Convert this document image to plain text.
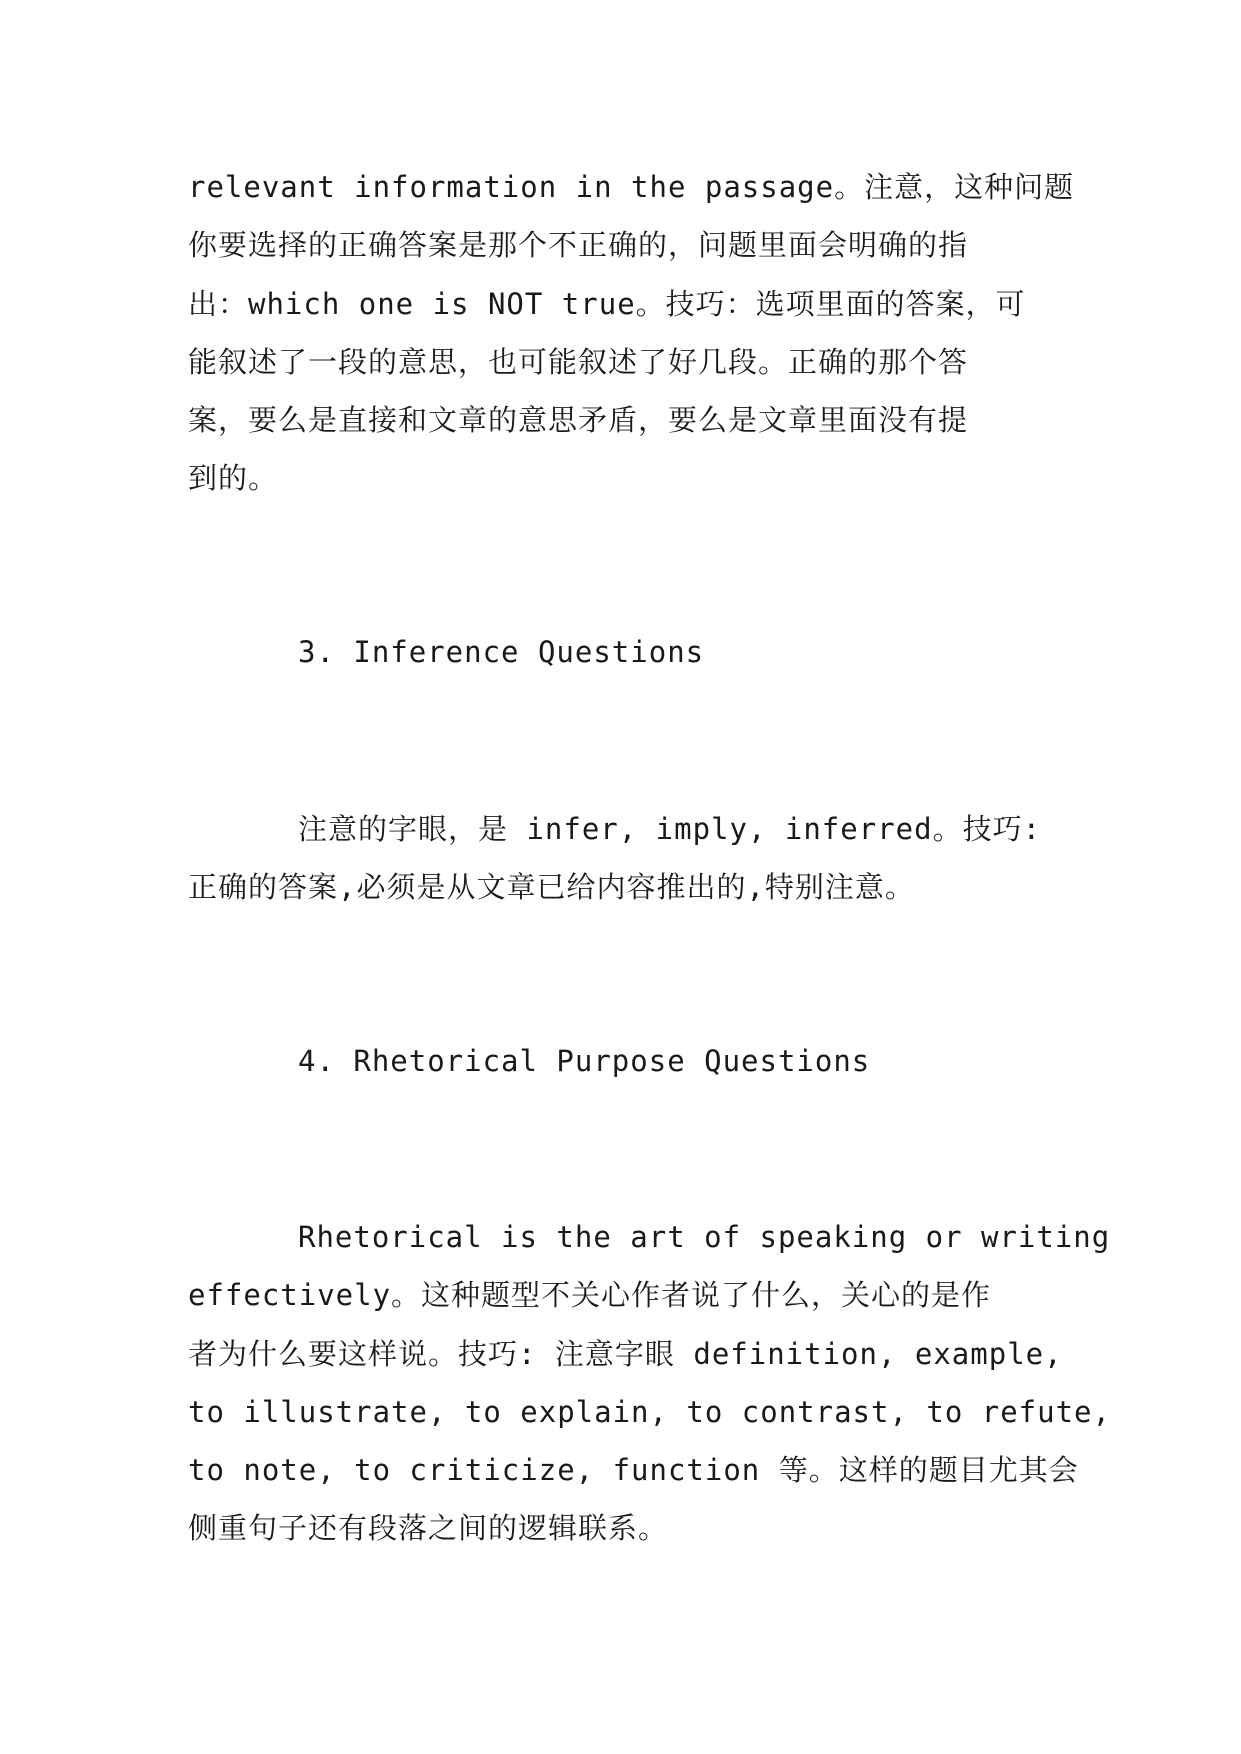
relevant information in the passage。注意，这种问题
你要选择的正确答案是那个不正确的，问题里面会明确的指
出：which one is NOT true。技巧：选项里面的答案，可
能叙述了一段的意思，也可能叙述了好几段。正确的那个答
案，要么是直接和文章的意思矛盾，要么是文章里面没有提
到的。

3. Inference Questions

注意的字眼，是 infer, imply, inferred。技巧:
正确的答案,必须是从文章已给内容推出的,特别注意。

4. Rhetorical Purpose Questions

Rhetorical is the art of speaking or writing
effectively。这种题型不关心作者说了什么，关心的是作
者为什么要这样说。技巧: 注意字眼 definition, example,
to illustrate, to explain, to contrast, to refute,
to note, to criticize, function 等。这样的题目尤其会
侧重句子还有段落之间的逻辑联系。
